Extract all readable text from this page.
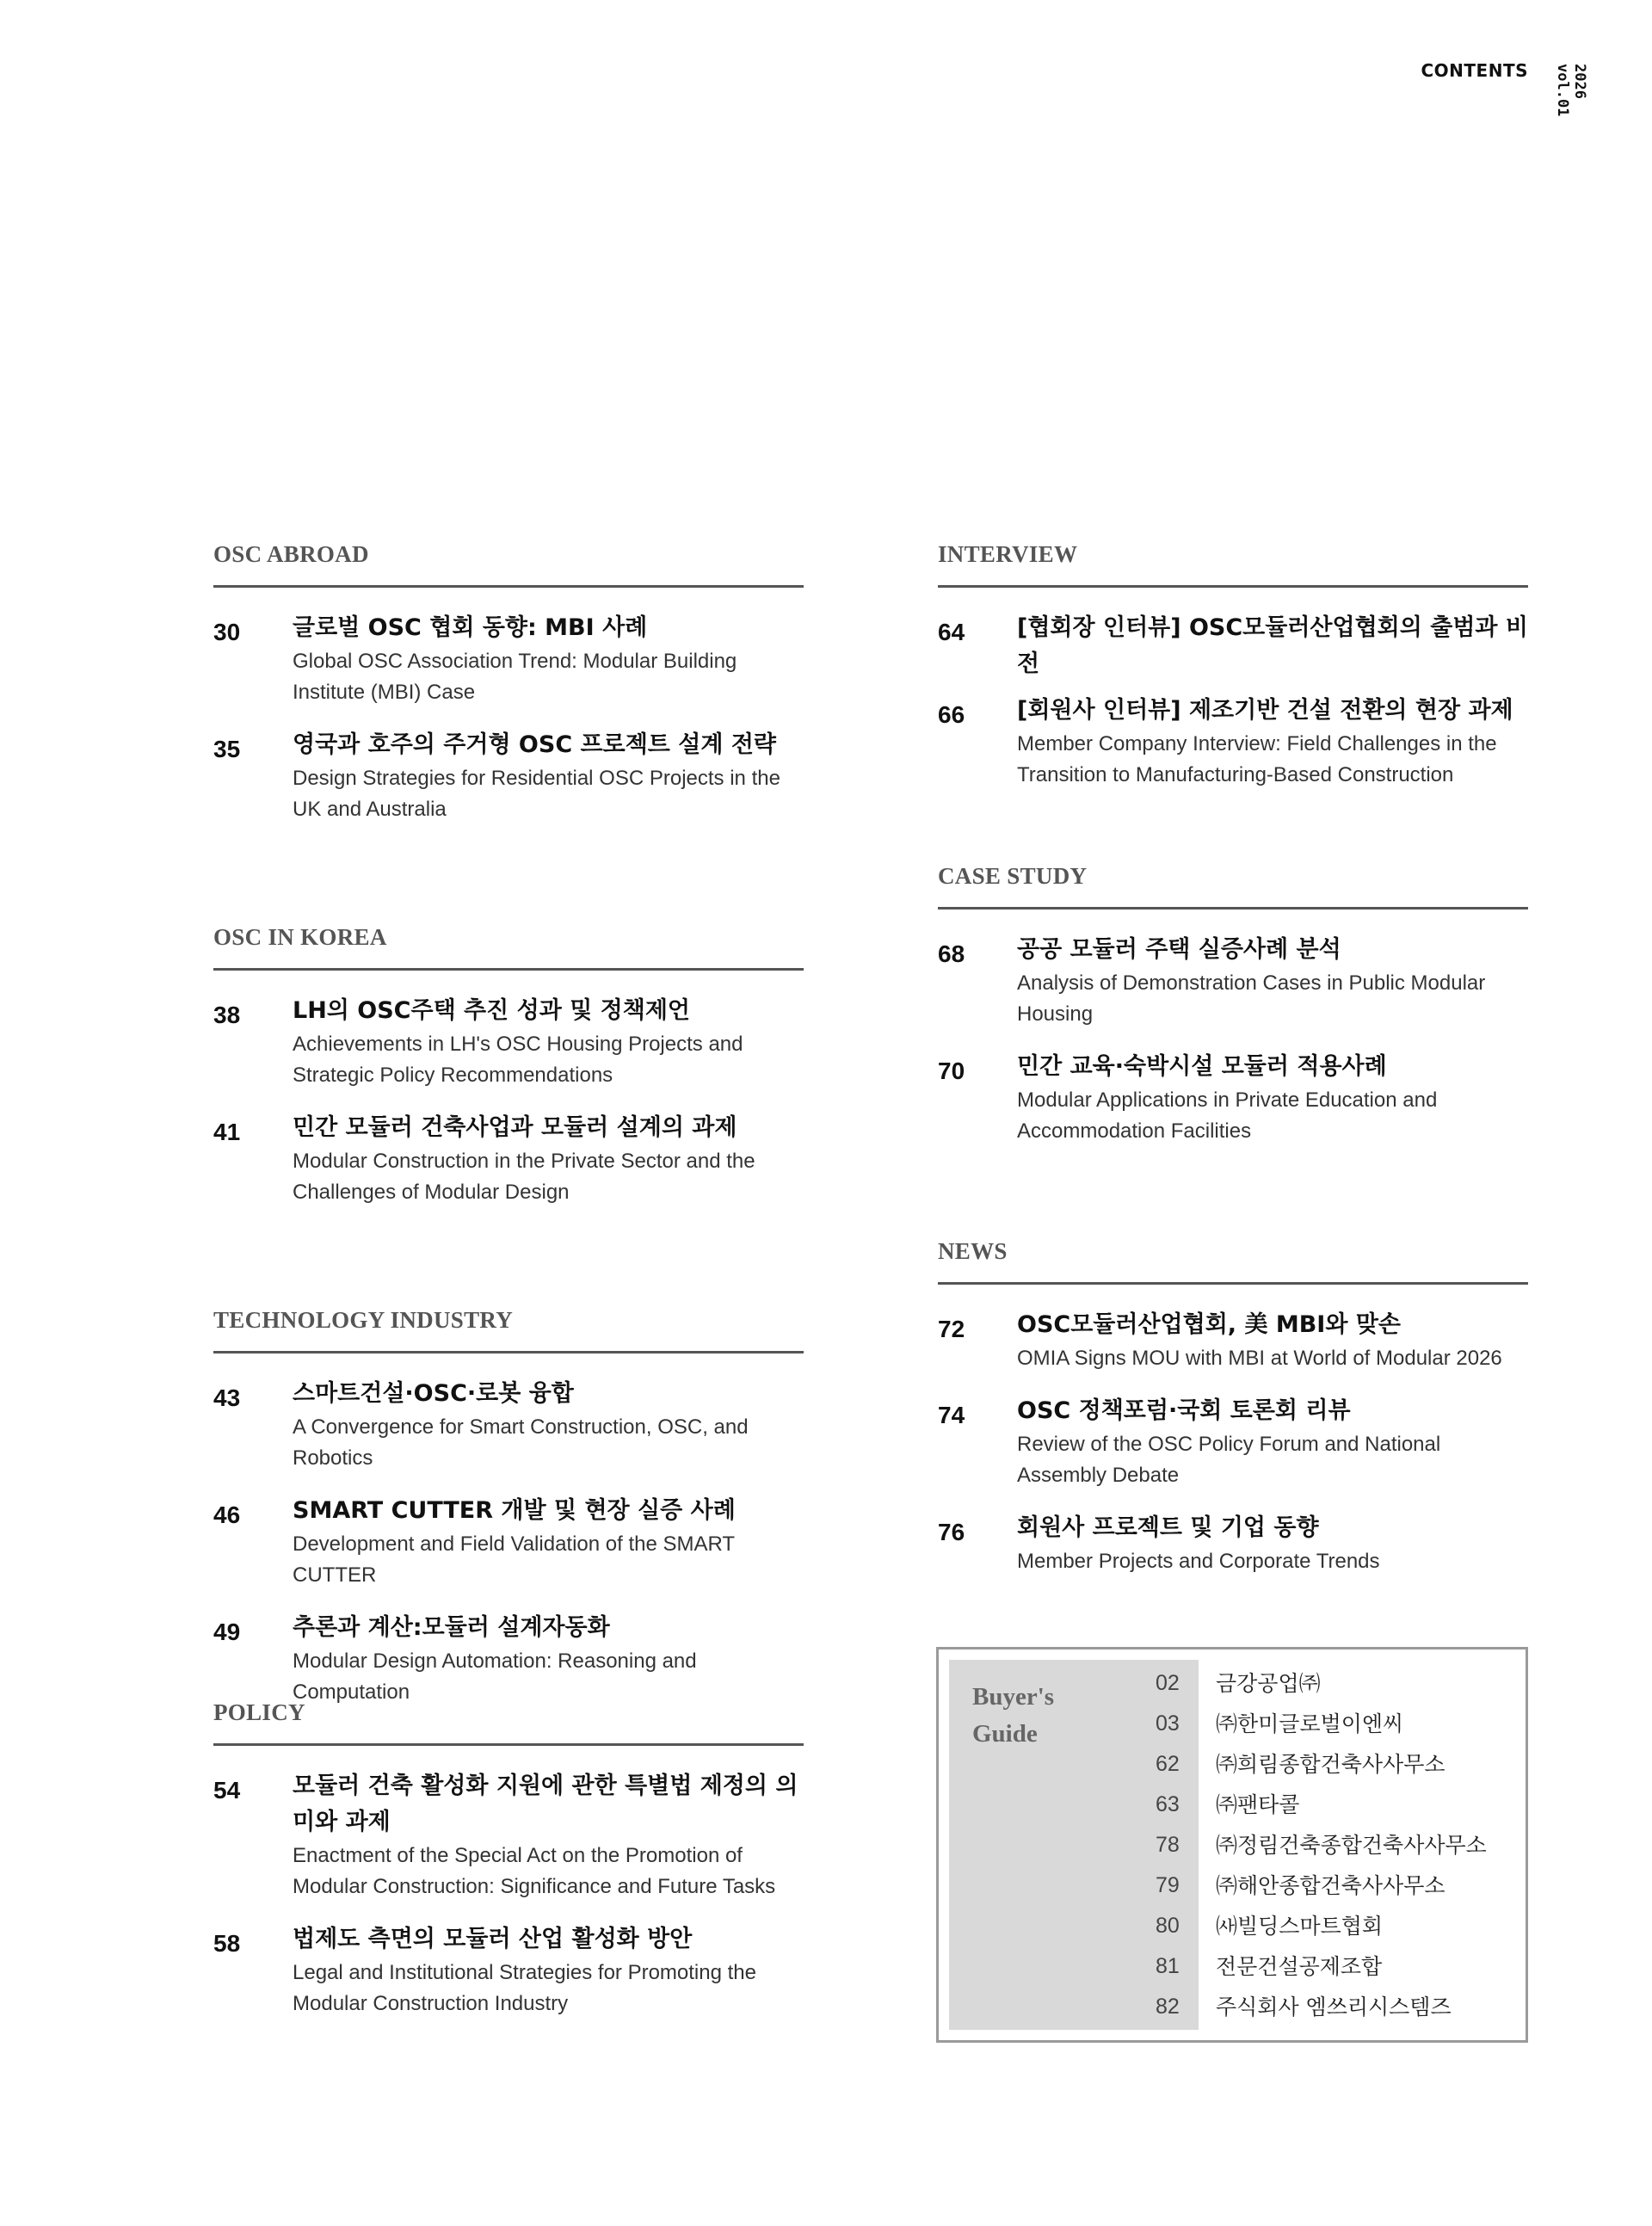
CONTENTS	2026 vol.01
OSC ABROAD
30	글로벌 OSC 협회 동향: MBI 사례
Global OSC Association Trend: Modular Building Institute (MBI) Case
35	영국과 호주의 주거형 OSC 프로젝트 설계 전략
Design Strategies for Residential OSC Projects in the UK and Australia
OSC IN KOREA
38	LH의 OSC주택 추진 성과 및 정책제언
Achievements in LH's OSC Housing Projects and Strategic Policy Recommendations
41	민간 모듈러 건축사업과 모듈러 설계의 과제
Modular Construction in the Private Sector and the Challenges of Modular Design
TECHNOLOGY INDUSTRY
43	스마트건설·OSC·로봇 융합
A Convergence for Smart Construction, OSC, and Robotics
46	SMART CUTTER 개발 및 현장 실증 사례
Development and Field Validation of the SMART CUTTER
49	추론과 계산:모듈러 설계자동화
Modular Design Automation: Reasoning and Computation
POLICY
54	모듈러 건축 활성화 지원에 관한 특별법 제정의 의미와 과제
Enactment of the Special Act on the Promotion of Modular Construction: Significance and Future Tasks
58	법제도 측면의 모듈러 산업 활성화 방안
Legal and Institutional Strategies for Promoting the Modular Construction Industry
INTERVIEW
64	[협회장 인터뷰] OSC모듈러산업협회의 출범과 비전
66	[회원사 인터뷰] 제조기반 건설 전환의 현장 과제
Member Company Interview: Field Challenges in the Transition to Manufacturing-Based Construction
CASE STUDY
68	공공 모듈러 주택 실증사례 분석
Analysis of Demonstration Cases in Public Modular Housing
70	민간 교육·숙박시설 모듈러 적용사례
Modular Applications in Private Education and Accommodation Facilities
NEWS
72	OSC모듈러산업협회, 美 MBI와 맞손
OMIA Signs MOU with MBI at World of Modular 2026
74	OSC 정책포럼·국회 토론회 리뷰
Review of the OSC Policy Forum and National Assembly Debate
76	회원사 프로젝트 및 기업 동향
Member Projects and Corporate Trends
Buyer's
Guide
02	금강공업㈜
03	㈜한미글로벌이엔씨
62	㈜희림종합건축사사무소
63	㈜팬타콜
78	㈜정림건축종합건축사사무소
79	㈜해안종합건축사사무소
80	㈔빌딩스마트협회
81	전문건설공제조합
82	주식회사 엠쓰리시스템즈
